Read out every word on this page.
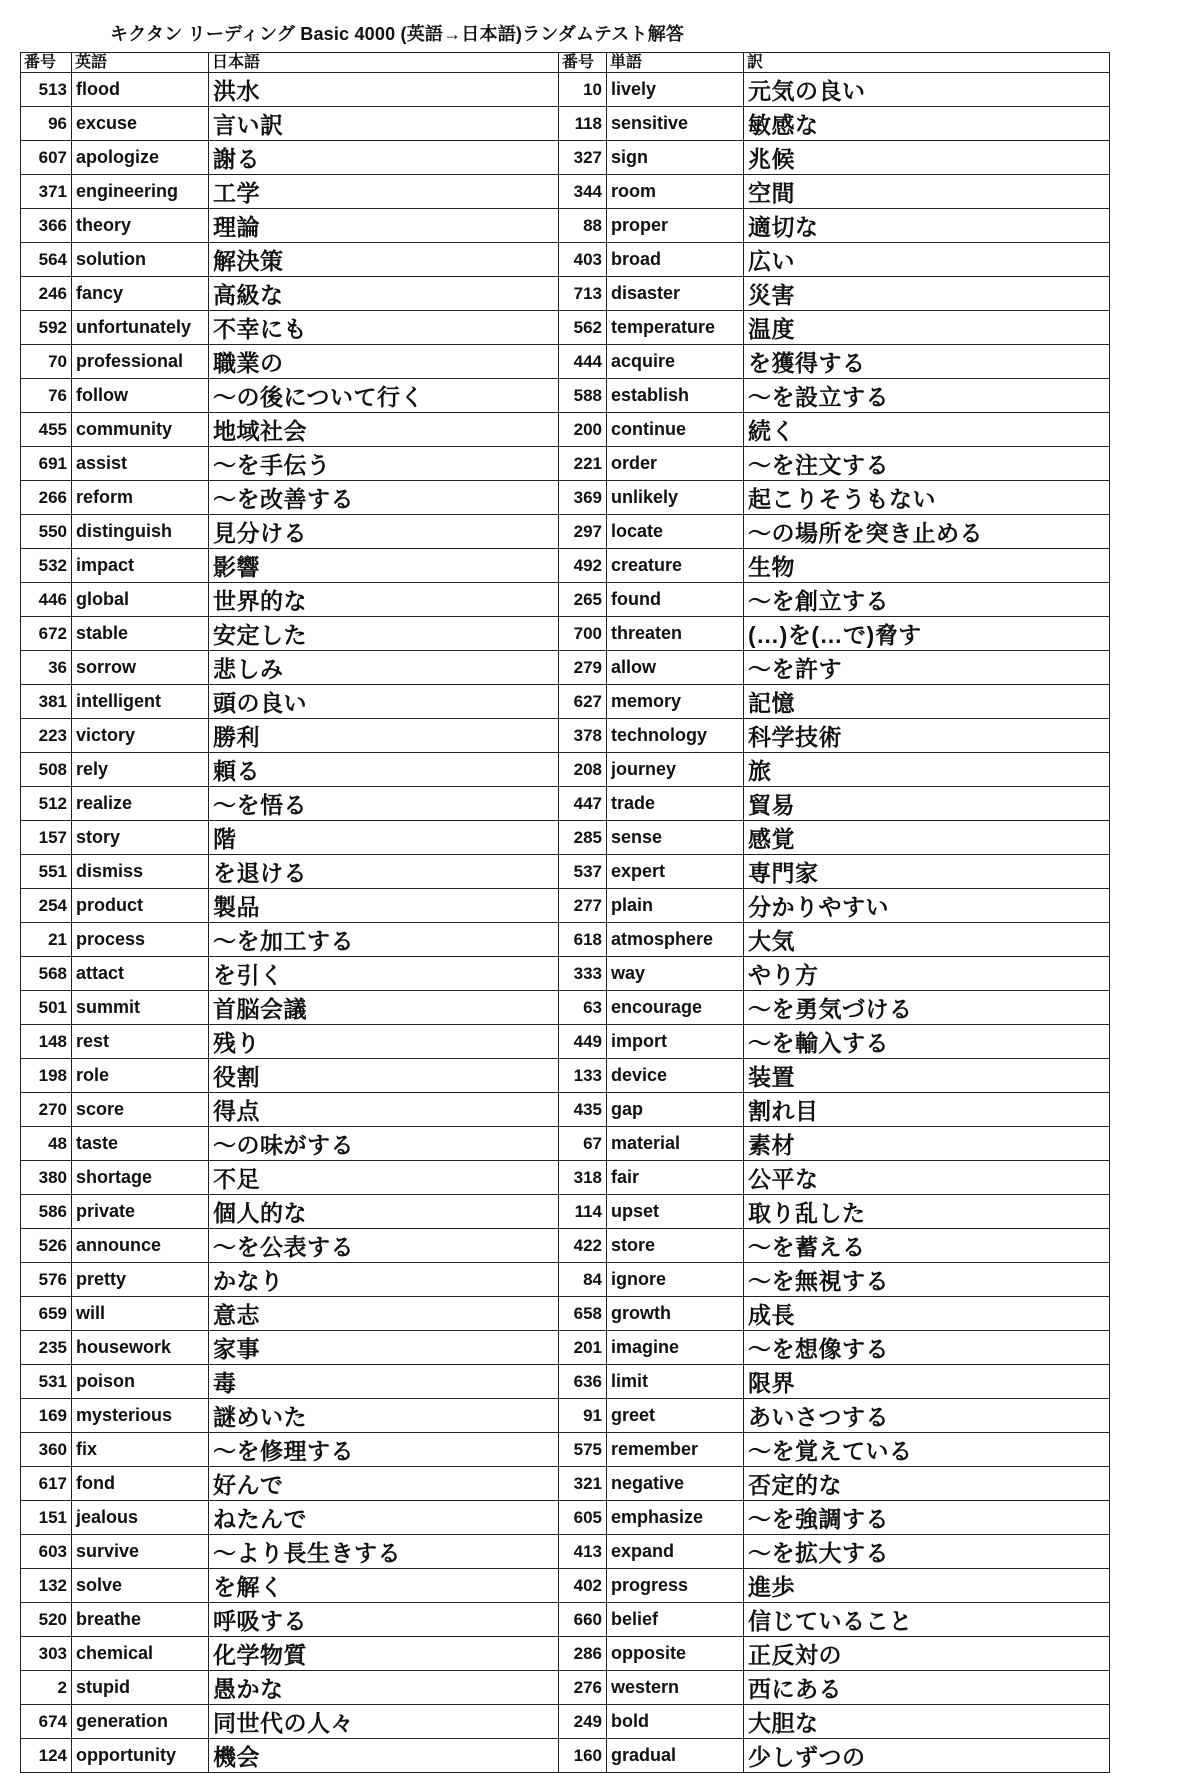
キクタン リーディング Basic 4000 (英語→日本語)ランダムテスト解答
番号	英語	日本語	番号	単語	訳
513	flood	洪水	10	lively	元気の良い
96	excuse	言い訳	118	sensitive	敏感な
607	apologize	謝る	327	sign	兆候
371	engineering	工学	344	room	空間
366	theory	理論	88	proper	適切な
564	solution	解決策	403	broad	広い
246	fancy	高級な	713	disaster	災害
592	unfortunately	不幸にも	562	temperature	温度
70	professional	職業の	444	acquire	を獲得する
76	follow	～の後について行く	588	establish	～を設立する
455	community	地域社会	200	continue	続く
691	assist	～を手伝う	221	order	～を注文する
266	reform	～を改善する	369	unlikely	起こりそうもない
550	distinguish	見分ける	297	locate	～の場所を突き止める
532	impact	影響	492	creature	生物
446	global	世界的な	265	found	～を創立する
672	stable	安定した	700	threaten	(…)を(…で)脅す
36	sorrow	悲しみ	279	allow	～を許す
381	intelligent	頭の良い	627	memory	記憶
223	victory	勝利	378	technology	科学技術
508	rely	頼る	208	journey	旅
512	realize	～を悟る	447	trade	貿易
157	story	階	285	sense	感覚
551	dismiss	を退ける	537	expert	専門家
254	product	製品	277	plain	分かりやすい
21	process	～を加工する	618	atmosphere	大気
568	attact	を引く	333	way	やり方
501	summit	首脳会議	63	encourage	～を勇気づける
148	rest	残り	449	import	～を輸入する
198	role	役割	133	device	装置
270	score	得点	435	gap	割れ目
48	taste	～の味がする	67	material	素材
380	shortage	不足	318	fair	公平な
586	private	個人的な	114	upset	取り乱した
526	announce	～を公表する	422	store	～を蓄える
576	pretty	かなり	84	ignore	～を無視する
659	will	意志	658	growth	成長
235	housework	家事	201	imagine	～を想像する
531	poison	毒	636	limit	限界
169	mysterious	謎めいた	91	greet	あいさつする
360	fix	～を修理する	575	remember	～を覚えている
617	fond	好んで	321	negative	否定的な
151	jealous	ねたんで	605	emphasize	～を強調する
603	survive	～より長生きする	413	expand	～を拡大する
132	solve	を解く	402	progress	進歩
520	breathe	呼吸する	660	belief	信じていること
303	chemical	化学物質	286	opposite	正反対の
2	stupid	愚かな	276	western	西にある
674	generation	同世代の人々	249	bold	大胆な
124	opportunity	機会	160	gradual	少しずつの
